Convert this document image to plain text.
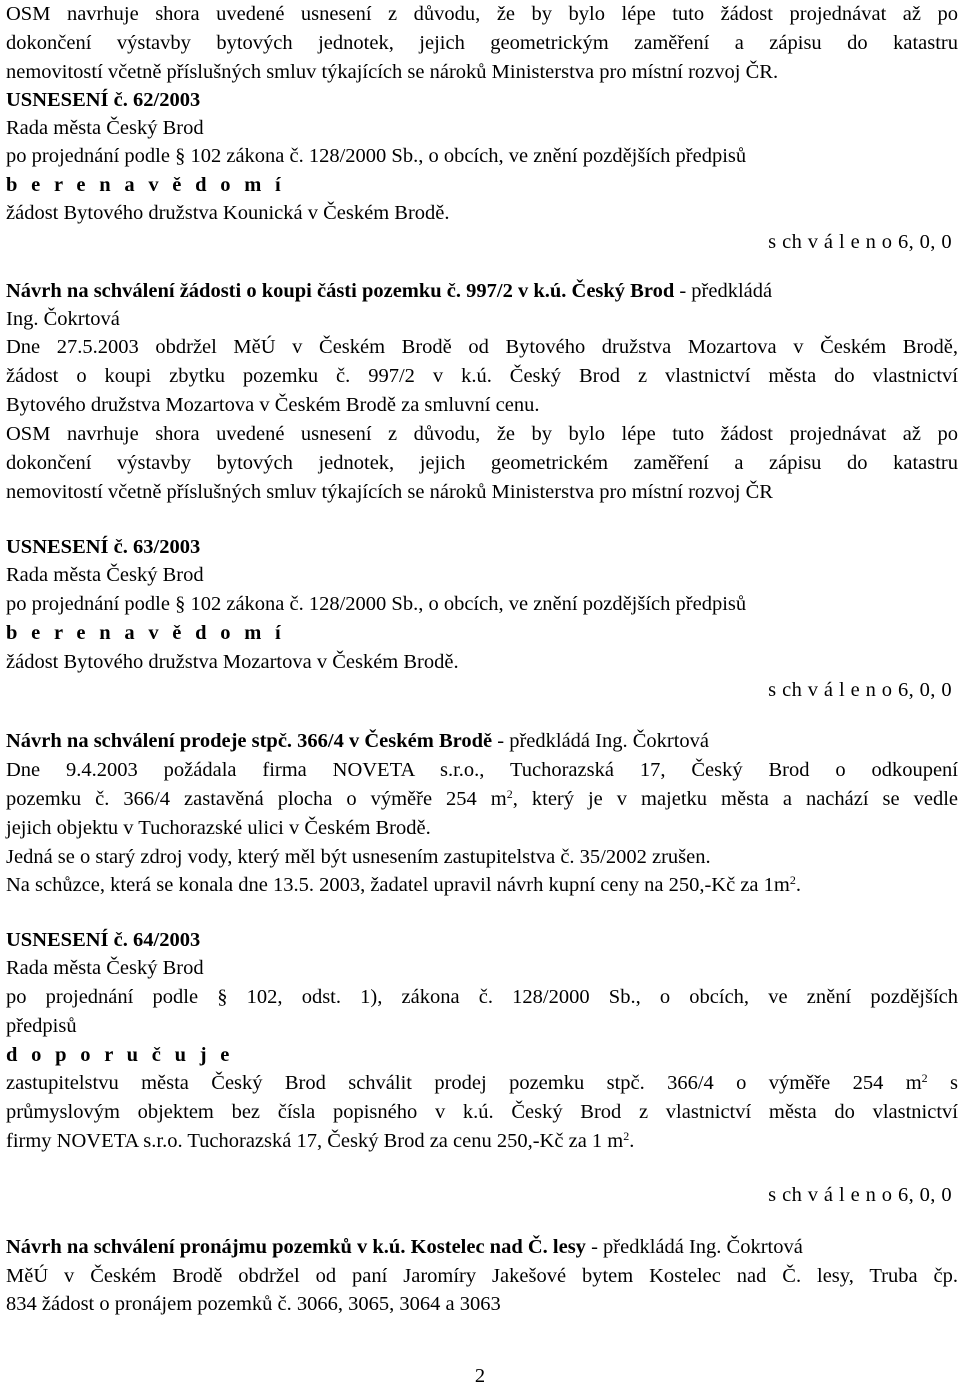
OSM navrhuje shora uvedené usnesení z důvodu, že by bylo lépe tuto žádost projednávat až po
dokončení výstavby bytových jednotek, jejich geometrickým zaměření a zápisu do katastru
nemovitostí včetně příslušných smluv týkajících se nároků Ministerstva pro místní rozvoj ČR.
USNESENÍ č. 62/2003
Rada města Český Brod
po projednání podle § 102 zákona č. 128/2000 Sb., o obcích, ve znění pozdějších předpisů
b e r e n a v ě d o m í
žádost Bytového družstva Kounická v Českém Brodě.
s ch v á l e n o 6, 0, 0
Návrh na schválení žádosti o koupi části pozemku č. 997/2 v k.ú. Český Brod - předkládá
Ing. Čokrtová
Dne 27.5.2003 obdržel MěÚ v Českém Brodě od Bytového družstva Mozartova v Českém Brodě,
žádost o koupi zbytku pozemku č. 997/2 v k.ú. Český Brod z vlastnictví města do vlastnictví
Bytového družstva Mozartova v Českém Brodě za smluvní cenu.
OSM navrhuje shora uvedené usnesení z důvodu, že by bylo lépe tuto žádost projednávat až po
dokončení výstavby bytových jednotek, jejich geometrickém zaměření a zápisu do katastru
nemovitostí včetně příslušných smluv týkajících se nároků Ministerstva pro místní rozvoj ČR
USNESENÍ č. 63/2003
Rada města Český Brod
po projednání podle § 102 zákona č. 128/2000 Sb., o obcích, ve znění pozdějších předpisů
b e r e n a v ě d o m í
žádost Bytového družstva Mozartova v Českém Brodě.
s ch v á l e n o 6, 0, 0
Návrh na schválení prodeje stpč. 366/4 v Českém Brodě - předkládá Ing. Čokrtová
Dne 9.4.2003 požádala firma NOVETA s.r.o., Tuchorazská 17, Český Brod o odkoupení
pozemku č. 366/4 zastavěná plocha o výměře 254 $m^2$, který je v majetku města a nachází se vedle
jejich objektu v Tuchorazské ulici v Českém Brodě.
Jedná se o starý zdroj vody, který měl být usnesením zastupitelstva č. 35/2002 zrušen.
Na schůzce, která se konala dne 13.5. 2003, žadatel upravil návrh kupní ceny na 250,-Kč za $1m^2$.
USNESENÍ č. 64/2003
Rada města Český Brod
po projednání podle § 102, odst. 1), zákona č. 128/2000 Sb., o obcích, ve znění pozdějších
předpisů
d o p o r u č u j e
zastupitelstvu města Český Brod schválit prodej pozemku stpč. 366/4 o výměře 254 $m^2$ s
průmyslovým objektem bez čísla popisného v k.ú. Český Brod z vlastnictví města do vlastnictví
firmy NOVETA s.r.o. Tuchorazská 17, Český Brod za cenu 250,-Kč za 1 $m^2$.
s ch v á l e n o 6, 0, 0
Návrh na schválení pronájmu pozemků v k.ú. Kostelec nad Č. lesy - předkládá Ing. Čokrtová
MěÚ v Českém Brodě obdržel od paní Jaromíry Jakešové bytem Kostelec nad Č. lesy, Truba čp.
834 žádost o pronájem pozemků č. 3066, 3065, 3064 a 3063
2
